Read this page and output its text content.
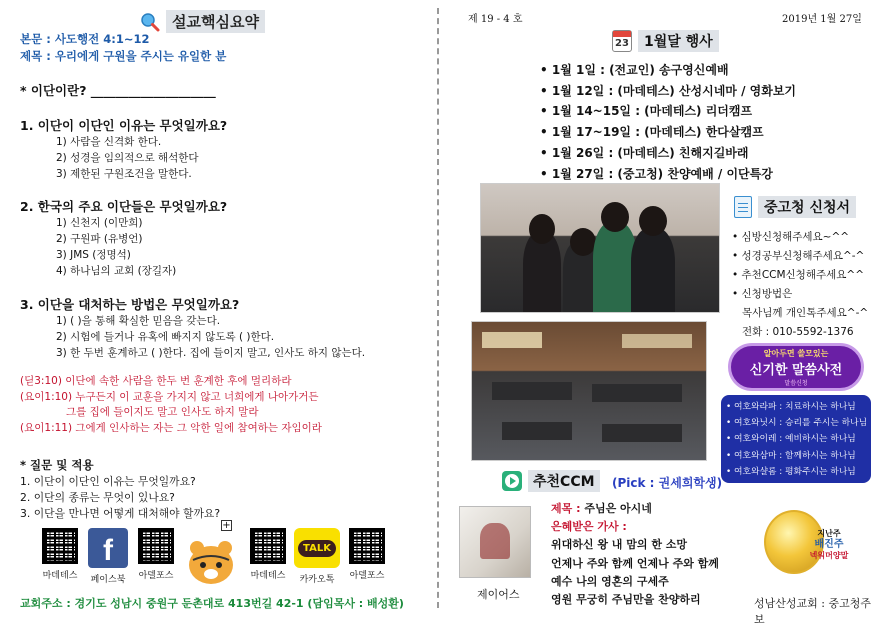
설교핵심요약
본문 : 사도행전 4:1~12
제목 : 우리에게 구원을 주시는 유일한 분
* 이단이란? ____________________
1. 이단이 이단인 이유는 무엇일까요?
1) 사람을 신격화 한다.
2) 성경을 임의적으로 해석한다
3) 제한된 구원조건을 말한다.
2. 한국의 주요 이단들은 무엇일까요?
1) 신천지 (이만희)
2) 구원파 (유병언)
3) JMS (정명석)
4) 하나님의 교회 (장길자)
3. 이단을 대처하는 방법은 무엇일까요?
1) ( )을 통해 확실한 믿음을 갖는다.
2) 시험에 들거나 유혹에 빠지지 않도록 ( )한다.
3) 한 두번 훈계하고 ( )한다. 집에 들이지 말고, 인사도 하지 않는다.
(딛3:10) 이단에 속한 사람을 한두 번 훈계한 후에 멀리하라
(요이1:10) 누구든지 이 교훈을 가지지 않고 너희에게 나아가거든
그를 집에 들이지도 말고 인사도 하지 말라
(요이1:11) 그에게 인사하는 자는 그 악한 일에 참여하는 자임이라
* 질문 및 적용
1. 이단이 이단인 이유는 무엇일까요?
2. 이단의 종류는 무엇이 있나요?
3. 이단을 만나면 어떻게 대처해야 할까요?
+
마데테스
f
페이스북 아델포스	마데테스
TALK
카카오톡 아델포스
교회주소 : 경기도 성남시 중원구 둔촌대로 413번길 42-1 (담임목사 : 배성환)
제 19 - 4 호	2019년 1월 27일
23	1월달 행사
• 1월 1일 : (전교인) 송구영신예배
• 1월 12일 : (마데테스) 산성시네마 / 영화보기
• 1월 14~15일 : (마데테스) 리더캠프
• 1월 17~19일 : (마데테스) 한다살캠프
• 1월 26일 : (마데테스) 친해지길바래
• 1월 27일 : (중고청) 찬양예배 / 이단특강
중고청 신청서
• 심방신청해주세요~^^
• 성경공부신청해주세요^-^
• 추천CCM신청해주세요^^
• 신청방법은
목사님께 개인톡주세요^-^
전화 : 010-5592-1376
알아두면 쓸모있는
신기한 말씀사전
말씀신청
• 여호와라파 : 치료하시는 하나님
• 여호와닛시 : 승리를 주시는 하나님
• 여호와이레 : 예비하시는 하나님
• 여호와삼마 : 함께하시는 하나님
• 여호와샬롬 : 평화주시는 하나님
추천CCM	(Pick : 권세희학생)
제이어스
제목 : 주님은 아시네
은혜받은 가사 :
위대하신 왕 내 맘의 한 소망
언제나 주와 함께 언제나 주와 함께
예수 나의 영혼의 구세주
영원 무궁히 주님만을 찬양하리
지난주
배진주
넥워머양말
성남산성교회 : 중고청주보
